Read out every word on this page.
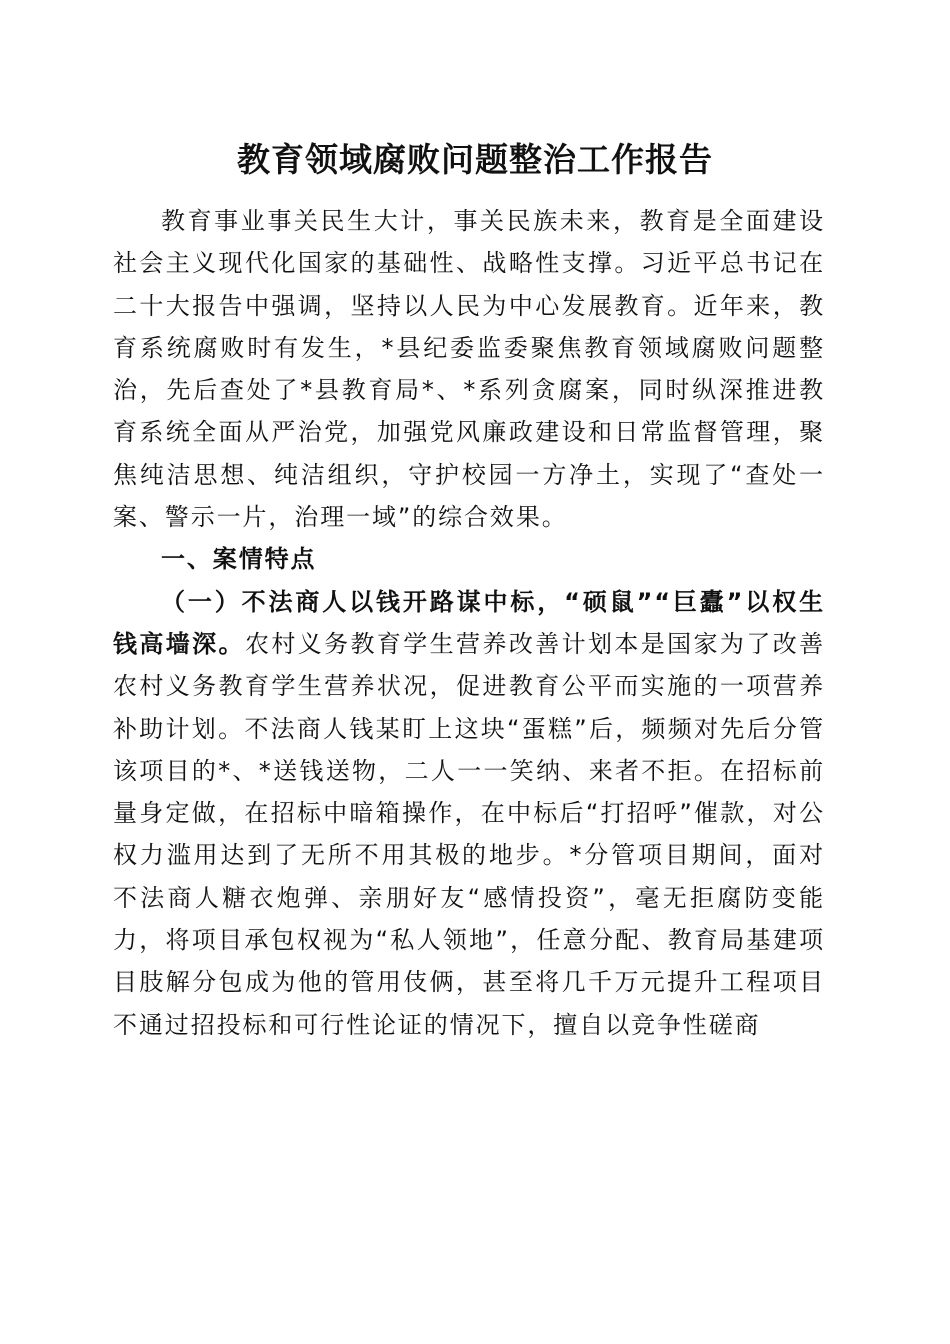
教育领域腐败问题整治工作报告

教育事业事关民生大计，事关民族未来，教育是全面建设社会主义现代化国家的基础性、战略性支撑。习近平总书记在二十大报告中强调，坚持以人民为中心发展教育。近年来，教育系统腐败时有发生，*县纪委监委聚焦教育领域腐败问题整治，先后查处了*县教育局*、*系列贪腐案，同时纵深推进教育系统全面从严治党，加强党风廉政建设和日常监督管理，聚焦纯洁思想、纯洁组织，守护校园一方净土，实现了“查处一案、警示一片，治理一域”的综合效果。

一、案情特点

（一）不法商人以钱开路谋中标，“硕鼠”“巨蠹”以权生钱高墙深。农村义务教育学生营养改善计划本是国家为了改善农村义务教育学生营养状况，促进教育公平而实施的一项营养补助计划。不法商人钱某盯上这块“蛋糕”后，频频对先后分管该项目的*、*送钱送物，二人一一笑纳、来者不拒。在招标前量身定做，在招标中暗箱操作，在中标后“打招呼”催款，对公权力滥用达到了无所不用其极的地步。*分管项目期间，面对不法商人糖衣炮弹、亲朋好友“感情投资”，毫无拒腐防变能力，将项目承包权视为“私人领地”，任意分配、教育局基建项目肢解分包成为他的管用伎俩，甚至将几千万元提升工程项目不通过招投标和可行性论证的情况下，擅自以竞争性磋商
